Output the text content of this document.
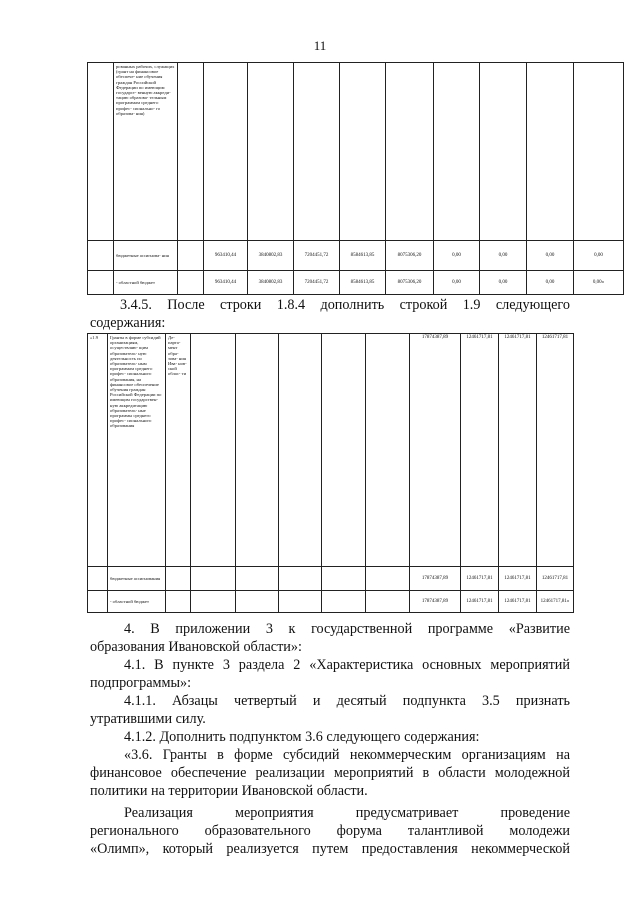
11
	рованных рабочих, служащих (грант на финансовое обеспече- ние обучения граждан Российской Федерации по имеющим государст- венную аккреди- тацию образова- тельным программам среднего профес- сионально- го образова- ния)										
	бюджетные ассигнова- ния		963410,44	3840802,83	7204451,72	8584613,85	8075306,20	0,00	0,00	0,00	0,00
	- областной бюджет		963410,44	3840802,83	7204451,72	8584613,85	8075306,20	0,00	0,00	0,00	0,00»
3.4.5. После строки 1.8.4 дополнить строкой 1.9 следующего
содержания:
«1.9	Гранты в форме субсидий организациям, осуществляю- щим образователь- ную деятельность по образователь- ным программам среднего профес- сионального образования, на финансовое обеспечение обучения граждан Российской Федерации по имеющим государствен- ную аккредитацию образователь- ные программы среднего профес- сионального образования	Де- парта- мент обра- зова- ния Ива- нов- ской облас- ти						17874387,89	12461717,81	12461717,81	12461717,81
	бюджетные ассигнования							17874387,89	12461717,81	12461717,81	12461717,81
	- областной бюджет							17874387,89	12461717,81	12461717,81	12461717,81»
4. В приложении 3 к государственной программе «Развитие
образования Ивановской области»:
4.1. В пункте 3 раздела 2 «Характеристика основных мероприятий
подпрограммы»:
4.1.1. Абзацы четвертый и десятый подпункта 3.5 признать
утратившими силу.
4.1.2. Дополнить подпунктом 3.6 следующего содержания:
«3.6. Гранты в форме субсидий некоммерческим организациям на
финансовое обеспечение реализации мероприятий в области молодежной
политики на территории Ивановской области.
Реализация мероприятия предусматривает проведение
регионального образовательного форума талантливой молодежи
«Олимп», который реализуется путем предоставления некоммерческой
